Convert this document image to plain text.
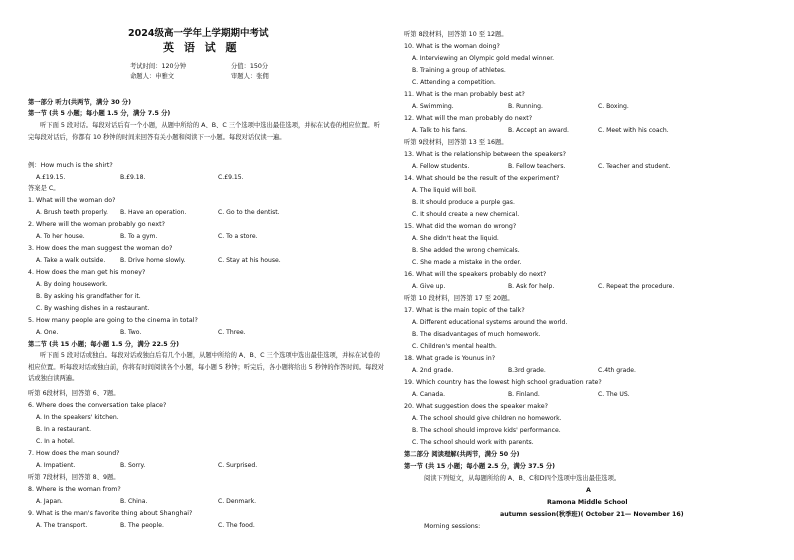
2024级高一学年上学期期中考试
英 语 试 题
考试时间：120分钟	分值：150分
命题人：申雅文	审题人：张佣
第一部分 听力(共两节，满分 30 分)
第一节 (共 5 小题；每小题 1.5 分，满分 7.5 分)
听下面 5 段对话。每段对话后有一个小题，从题中所给的 A、B、C 三个选项中选出最佳选项，并标在试卷的相应位置。听完每段对话后，你都有 10 秒钟的时间来回答有关小题和阅读下一小题。每段对话仅读一遍。
例：How much is the shirt?
A.£19.15.	B.£9.18.	C.£9.15.
答案是 C。
1. What will the woman do?
A. Brush teeth properly. B. Have an operation.	C. Go to the dentist.
2. Where will the woman probably go next?
A. To her house.	B. To a gym.	C. To a store.
3. How does the man suggest the woman do?
A. Take a walk outside. B. Drive home slowly.	C. Stay at his house.
4. How does the man get his money?
A. By doing housework.
B. By asking his grandfather for it.
C. By washing dishes in a restaurant.
5. How many people are going to the cinema in total?
A. One.	B. Two.	C. Three.
第二节 (共 15 小题；每小题 1.5 分，满分 22.5 分)
听下面 5 段对话或独白。每段对话或独白后有几个小题，从题中所给的 A、B、C 三个选项中选出最佳选项，并标在试卷的相应位置。听每段对话或独白前，你将有时间阅读各个小题，每小题 5 秒钟；听完后，各小题将给出 5 秒钟的作答时间。每段对话或独白读两遍。
听第 6段材料，回答第 6、7题。
6. Where does the conversation take place?
A. In the speakers' kitchen.
B. In a restaurant.
C. In a hotel.
7. How does the man sound?
A. Impatient.	B. Sorry.	C. Surprised.
听第 7段材料，回答第 8、9题。
8. Where is the woman from?
A. Japan.	B. China.	C. Denmark.
9. What is the man's favorite thing about Shanghai?
A. The transport.	B. The people.	C. The food.
听第 8段材料，回答第 10 至 12题。
10. What is the woman doing?
A. Interviewing an Olympic gold medal winner.
B. Training a group of athletes.
C. Attending a competition.
11. What is the man probably best at?
A. Swimming.	B. Running.	C. Boxing.
12. What will the man probably do next?
A. Talk to his fans.	B. Accept an award.	C. Meet with his coach.
听第 9段材料，回答第 13 至 16题。
13. What is the relationship between the speakers?
A. Fellow students.	B. Fellow teachers.	C. Teacher and student.
14. What should be the result of the experiment?
A. The liquid will boil.
B. It should produce a purple gas.
C. It should create a new chemical.
15. What did the woman do wrong?
A. She didn't heat the liquid.
B. She added the wrong chemicals.
C. She made a mistake in the order.
16. What will the speakers probably do next?
A. Give up.	B. Ask for help.	C. Repeat the procedure.
听第 10 段材料，回答第 17 至 20题。
17. What is the main topic of the talk?
A. Different educational systems around the world.
B. The disadvantages of much homework.
C. Children's mental health.
18. What grade is Younus in?
A. 2nd grade.	B.3rd grade.	C.4th grade.
19. Which country has the lowest high school graduation rate?
A. Canada.	B. Finland.	C. The US.
20. What suggestion does the speaker make?
A. The school should give children no homework.
B. The school should improve kids' performance.
C. The school should work with parents.
第二部分 阅读理解(共两节，满分 50 分)
第一节 (共 15 小题；每小题 2.5 分，满分 37.5 分)
阅读下列短文，从每题所给的 A、B、C和D四个选项中选出最佳选项。
A
Ramona Middle School
autumn session(秋季班)( October 21— November 16)
Morning sessions:
